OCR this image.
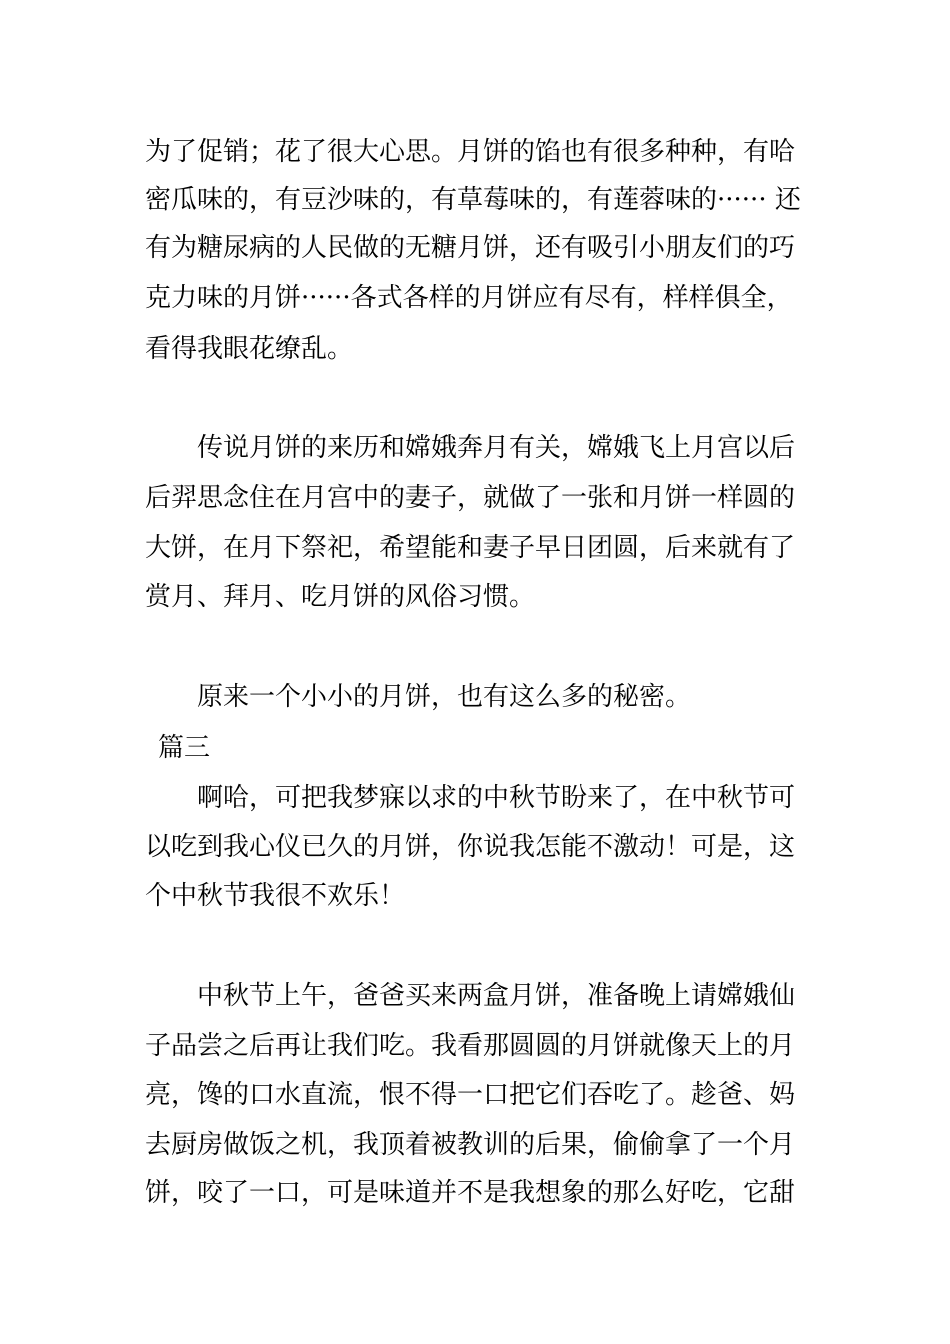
为了促销；花了很大心思。月饼的馅也有很多种种，有哈
密瓜味的，有豆沙味的，有草莓味的，有莲蓉味的······ 还
有为糖尿病的人民做的无糖月饼，还有吸引小朋友们的巧
克力味的月饼······各式各样的月饼应有尽有，样样俱全，
看得我眼花缭乱。
传说月饼的来历和嫦娥奔月有关，嫦娥飞上月宫以后
后羿思念住在月宫中的妻子，就做了一张和月饼一样圆的
大饼，在月下祭祀，希望能和妻子早日团圆，后来就有了
赏月、拜月、吃月饼的风俗习惯。
原来一个小小的月饼，也有这么多的秘密。
篇三
啊哈，可把我梦寐以求的中秋节盼来了，在中秋节可
以吃到我心仪已久的月饼，你说我怎能不激动！可是，这
个中秋节我很不欢乐！
中秋节上午，爸爸买来两盒月饼，准备晚上请嫦娥仙
子品尝之后再让我们吃。我看那圆圆的月饼就像天上的月
亮，馋的口水直流，恨不得一口把它们吞吃了。趁爸、妈
去厨房做饭之机，我顶着被教训的后果，偷偷拿了一个月
饼，咬了一口，可是味道并不是我想象的那么好吃，它甜
